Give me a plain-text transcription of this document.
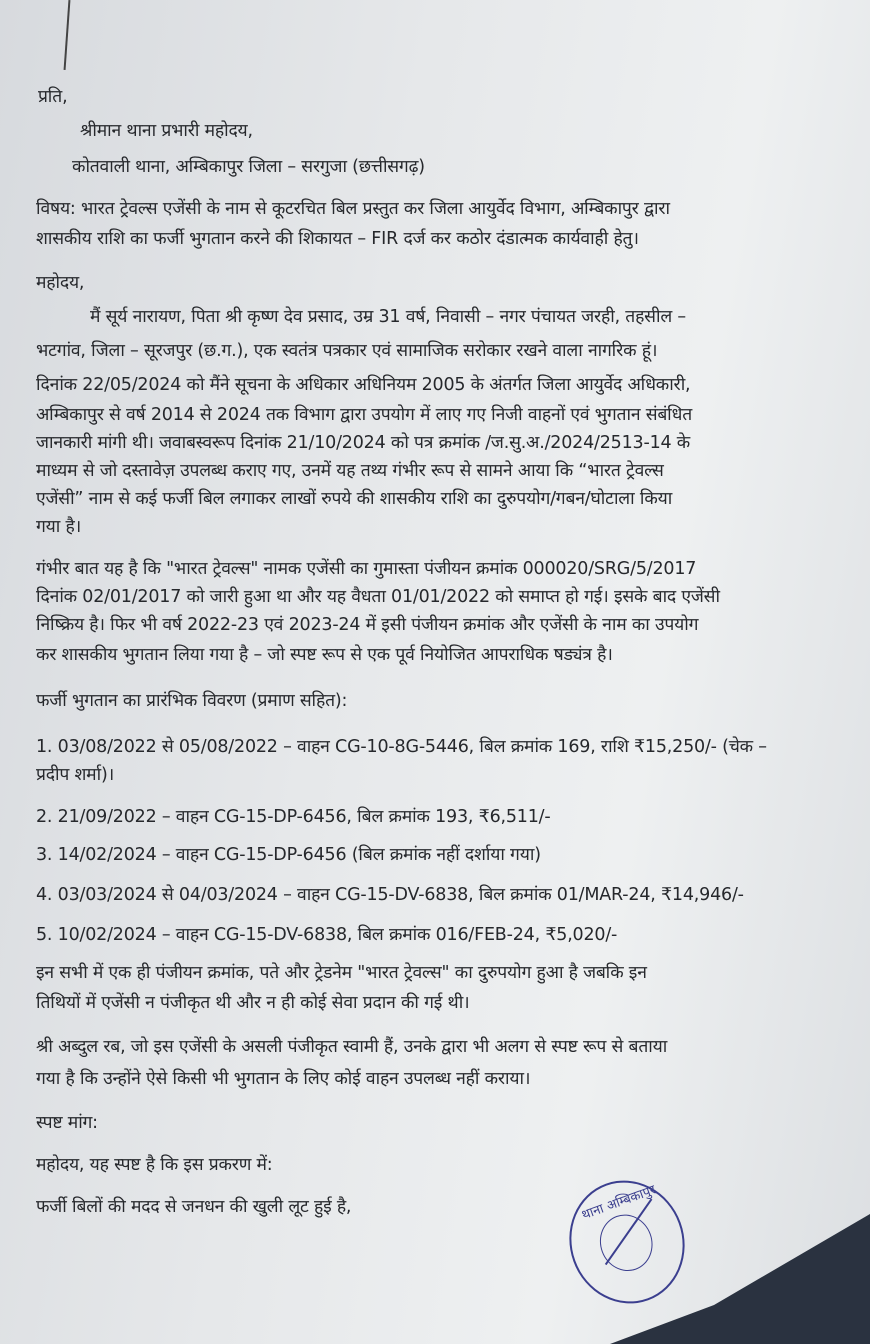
प्रति,
श्रीमान थाना प्रभारी महोदय,
कोतवाली थाना, अम्बिकापुर जिला – सरगुजा (छत्तीसगढ़)
विषय: भारत ट्रेवल्स एजेंसी के नाम से कूटरचित बिल प्रस्तुत कर जिला आयुर्वेद विभाग, अम्बिकापुर द्वारा
शासकीय राशि का फर्जी भुगतान करने की शिकायत – FIR दर्ज कर कठोर दंडात्मक कार्यवाही हेतु।
महोदय,
मैं सूर्य नारायण, पिता श्री कृष्ण देव प्रसाद, उम्र 31 वर्ष, निवासी – नगर पंचायत जरही, तहसील –
भटगांव, जिला – सूरजपुर (छ.ग.), एक स्वतंत्र पत्रकार एवं सामाजिक सरोकार रखने वाला नागरिक हूं।
दिनांक 22/05/2024 को मैंने सूचना के अधिकार अधिनियम 2005 के अंतर्गत जिला आयुर्वेद अधिकारी,
अम्बिकापुर से वर्ष 2014 से 2024 तक विभाग द्वारा उपयोग में लाए गए निजी वाहनों एवं भुगतान संबंधित
जानकारी मांगी थी। जवाबस्वरूप दिनांक 21/10/2024 को पत्र क्रमांक /ज.सु.अ./2024/2513-14 के
माध्यम से जो दस्तावेज़ उपलब्ध कराए गए, उनमें यह तथ्य गंभीर रूप से सामने आया कि “भारत ट्रेवल्स
एजेंसी” नाम से कई फर्जी बिल लगाकर लाखों रुपये की शासकीय राशि का दुरुपयोग/गबन/घोटाला किया
गया है।
गंभीर बात यह है कि "भारत ट्रेवल्स" नामक एजेंसी का गुमास्ता पंजीयन क्रमांक 000020/SRG/5/2017
दिनांक 02/01/2017 को जारी हुआ था और यह वैधता 01/01/2022 को समाप्त हो गई। इसके बाद एजेंसी
निष्क्रिय है। फिर भी वर्ष 2022-23 एवं 2023-24 में इसी पंजीयन क्रमांक और एजेंसी के नाम का उपयोग
कर शासकीय भुगतान लिया गया है – जो स्पष्ट रूप से एक पूर्व नियोजित आपराधिक षड्यंत्र है।
फर्जी भुगतान का प्रारंभिक विवरण (प्रमाण सहित):
1. 03/08/2022 से 05/08/2022 – वाहन CG-10-8G-5446, बिल क्रमांक 169, राशि ₹15,250/- (चेक –
प्रदीप शर्मा)।
2. 21/09/2022 – वाहन CG-15-DP-6456, बिल क्रमांक 193, ₹6,511/-
3. 14/02/2024 – वाहन CG-15-DP-6456 (बिल क्रमांक नहीं दर्शाया गया)
4. 03/03/2024 से 04/03/2024 – वाहन CG-15-DV-6838, बिल क्रमांक 01/MAR-24, ₹14,946/-
5. 10/02/2024 – वाहन CG-15-DV-6838, बिल क्रमांक 016/FEB-24, ₹5,020/-
इन सभी में एक ही पंजीयन क्रमांक, पते और ट्रेडनेम "भारत ट्रेवल्स" का दुरुपयोग हुआ है जबकि इन
तिथियों में एजेंसी न पंजीकृत थी और न ही कोई सेवा प्रदान की गई थी।
श्री अब्दुल रब, जो इस एजेंसी के असली पंजीकृत स्वामी हैं, उनके द्वारा भी अलग से स्पष्ट रूप से बताया
गया है कि उन्होंने ऐसे किसी भी भुगतान के लिए कोई वाहन उपलब्ध नहीं कराया।
स्पष्ट मांग:
महोदय, यह स्पष्ट है कि इस प्रकरण में:
फर्जी बिलों की मदद से जनधन की खुली लूट हुई है,	थाना अम्बिकापुर
